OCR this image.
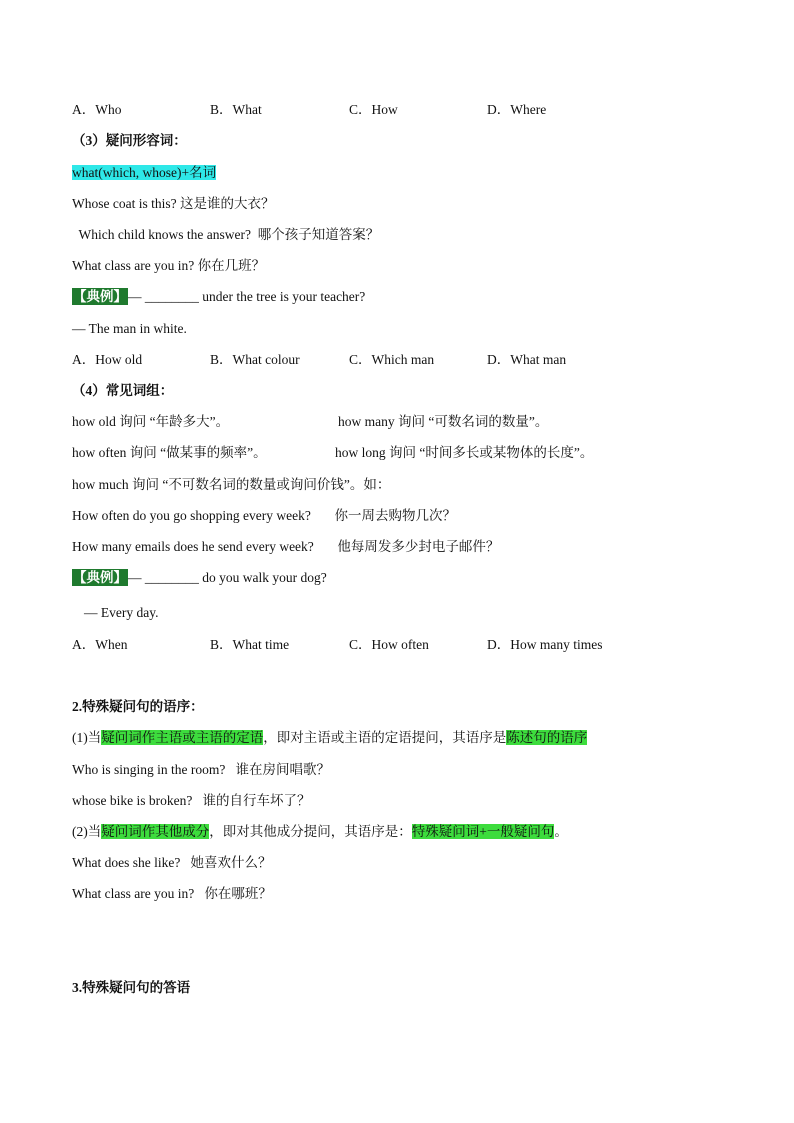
A．Who	B．What	C．How	D．Where
（3）疑问形容词：
what(which, whose)+名词
Whose coat is this? 这是谁的大衣？
Which child knows the answer?  哪个孩子知道答案？
What class are you in? 你在几班？
【典例】— ________ under the tree is your teacher?
— The man in white.
A．How old	B．What colour	C．Which man	D．What man
（4）常见词组：
how old 询问 “年龄多大”。	how many 询问 “可数名词的数量”。
how often 询问 “做某事的频率”。	how long 询问 “时间多长或某物体的长度”。
how much 询问 “不可数名词的数量或询问价钱”。如：
How often do you go shopping every week?       你一周去购物几次？
How many emails does he send every week?       他每周发多少封电子邮件？
【典例】— ________ do you walk your dog?
— Every day.
A．When	B．What time	C．How often	D．How many times
2.特殊疑问句的语序：
(1)当疑问词作主语或主语的定语，即对主语或主语的定语提问，其语序是陈述句的语序
Who is singing in the room?   谁在房间唱歌？
whose bike is broken?   谁的自行车坏了？
(2)当疑问词作其他成分，即对其他成分提问，其语序是：特殊疑问词+一般疑问句。
What does she like?   她喜欢什么？
What class are you in?   你在哪班？
3.特殊疑问句的答语
